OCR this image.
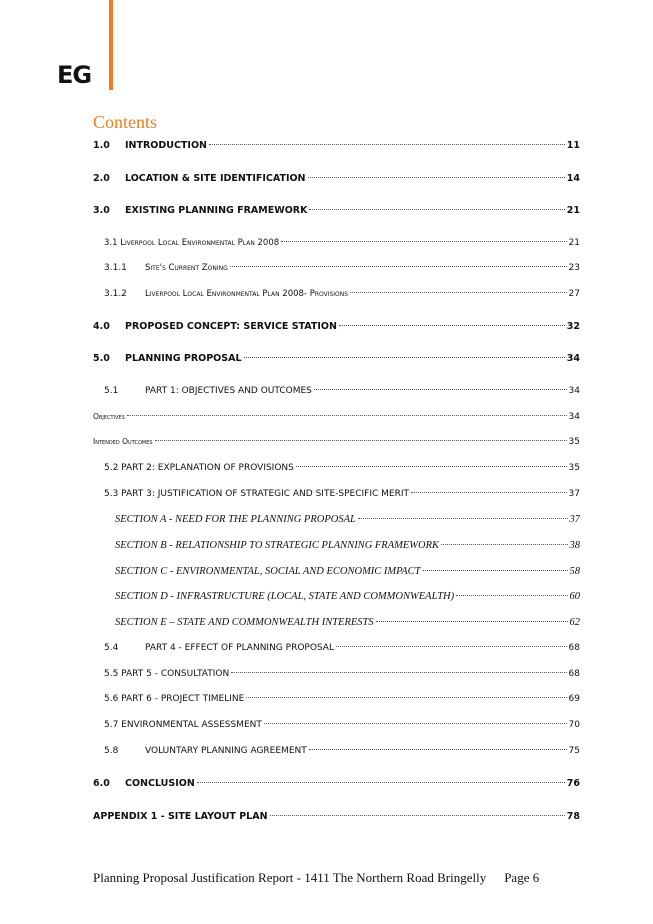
EG
Contents
1.0	INTRODUCTION	11
2.0	LOCATION & SITE IDENTIFICATION	14
3.0	EXISTING PLANNING FRAMEWORK	21
3.1 Liverpool Local Environmental Plan 2008	21
3.1.1	Site's Current Zoning	23
3.1.2	Liverpool Local Environmental Plan 2008- Provisions	27
4.0	PROPOSED CONCEPT: SERVICE STATION	32
5.0	PLANNING PROPOSAL	34
5.1	PART 1: OBJECTIVES AND OUTCOMES	34
Objectives	34
Intended Outcomes	35
5.2 PART 2: EXPLANATION OF PROVISIONS	35
5.3 PART 3: JUSTIFICATION OF STRATEGIC AND SITE-SPECIFIC MERIT	37
SECTION A - NEED FOR THE PLANNING PROPOSAL	37
SECTION B - RELATIONSHIP TO STRATEGIC PLANNING FRAMEWORK	38
SECTION C - ENVIRONMENTAL, SOCIAL AND ECONOMIC IMPACT	58
SECTION D - INFRASTRUCTURE (LOCAL, STATE AND COMMONWEALTH)	60
SECTION E – STATE AND COMMONWEALTH INTERESTS	62
5.4	PART 4 - EFFECT OF PLANNING PROPOSAL	68
5.5 PART 5 - CONSULTATION	68
5.6 PART 6 - PROJECT TIMELINE	69
5.7 ENVIRONMENTAL ASSESSMENT	70
5.8	VOLUNTARY PLANNING AGREEMENT	75
6.0	CONCLUSION	76
APPENDIX 1 - SITE LAYOUT PLAN	78
Planning Proposal Justification Report - 1411 The Northern Road Bringelly Page 6
